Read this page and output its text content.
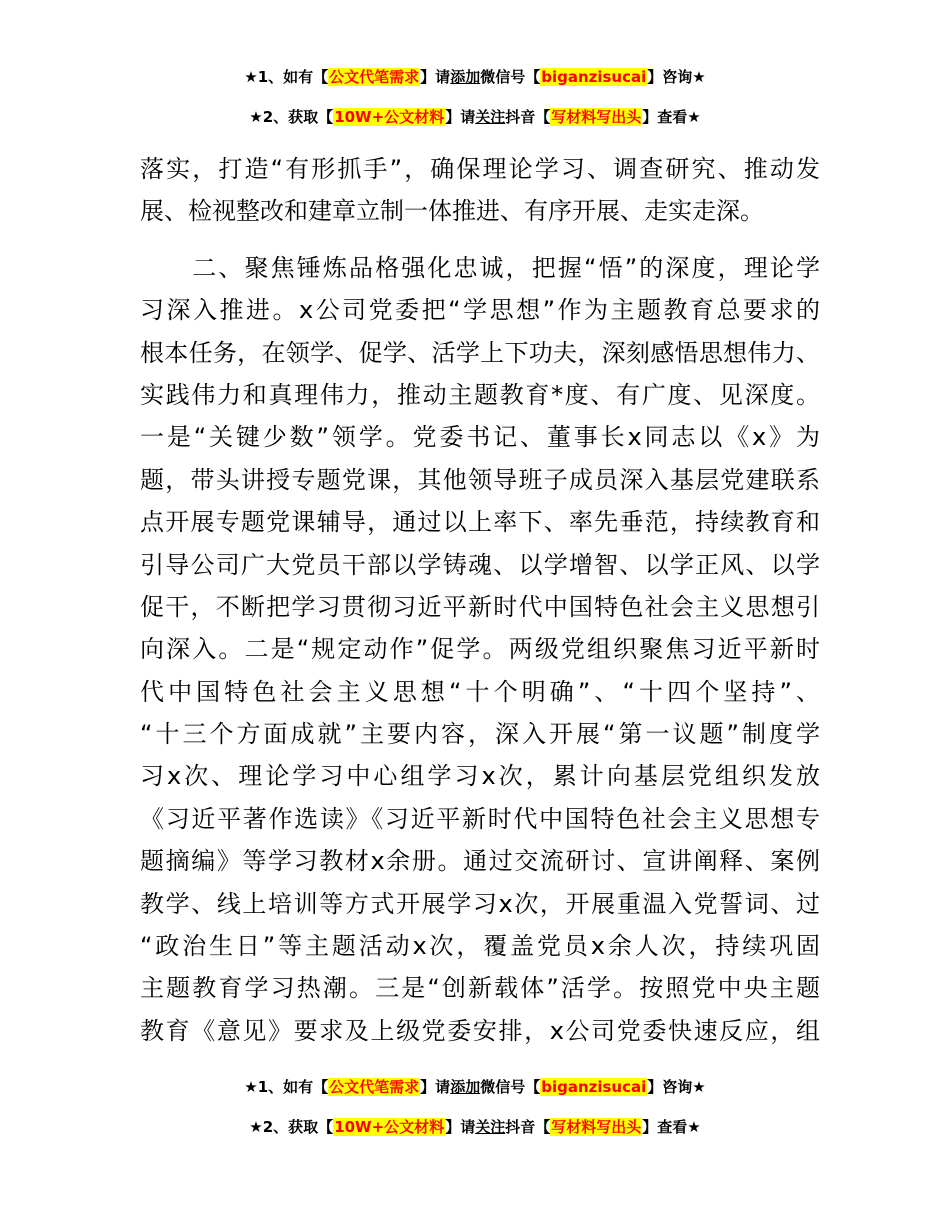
★1、如有【公文代笔需求】请添加微信号【biganzisucai】咨询★
★2、获取【10W+公文材料】请关注抖音【写材料写出头】查看★
落实，打造“有形抓手”，确保理论学习、调查研究、推动发
展、检视整改和建章立制一体推进、有序开展、走实走深。
　　二、聚焦锤炼品格强化忠诚，把握“悟”的深度，理论学
习深入推进。x公司党委把“学思想”作为主题教育总要求的
根本任务，在领学、促学、活学上下功夫，深刻感悟思想伟力、
实践伟力和真理伟力，推动主题教育*度、有广度、见深度。
一是“关键少数”领学。党委书记、董事长x同志以《x》为
题，带头讲授专题党课，其他领导班子成员深入基层党建联系
点开展专题党课辅导，通过以上率下、率先垂范，持续教育和
引导公司广大党员干部以学铸魂、以学增智、以学正风、以学
促干，不断把学习贯彻习近平新时代中国特色社会主义思想引
向深入。二是“规定动作”促学。两级党组织聚焦习近平新时
代中国特色社会主义思想“十个明确”、“十四个坚持”、
“十三个方面成就”主要内容，深入开展“第一议题”制度学
习x次、理论学习中心组学习x次，累计向基层党组织发放
《习近平著作选读》《习近平新时代中国特色社会主义思想专
题摘编》等学习教材x余册。通过交流研讨、宣讲阐释、案例
教学、线上培训等方式开展学习x次，开展重温入党誓词、过
“政治生日”等主题活动x次，覆盖党员x余人次，持续巩固
主题教育学习热潮。三是“创新载体”活学。按照党中央主题
教育《意见》要求及上级党委安排，x公司党委快速反应，组
★1、如有【公文代笔需求】请添加微信号【biganzisucai】咨询★
★2、获取【10W+公文材料】请关注抖音【写材料写出头】查看★
